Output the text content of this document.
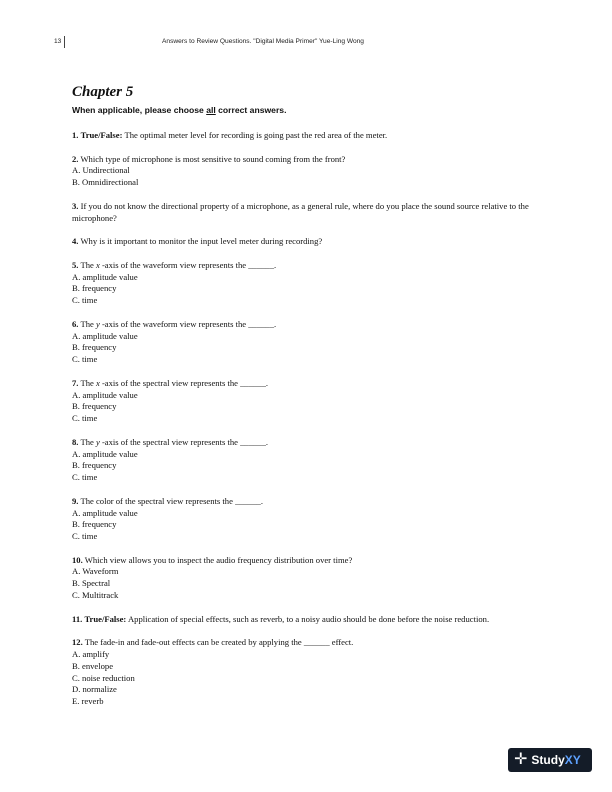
13	Answers to Review Questions. "Digital Media Primer" Yue-Ling Wong
Chapter 5
When applicable, please choose all correct answers.
1. True/False: The optimal meter level for recording is going past the red area of the meter.
2. Which type of microphone is most sensitive to sound coming from the front?
A. Undirectional
B. Omnidirectional
3. If you do not know the directional property of a microphone, as a general rule, where do you place the sound source relative to the microphone?
4. Why is it important to monitor the input level meter during recording?
5. The x -axis of the waveform view represents the ______.
A. amplitude value
B. frequency
C. time
6. The y -axis of the waveform view represents the ______.
A. amplitude value
B. frequency
C. time
7. The x -axis of the spectral view represents the ______.
A. amplitude value
B. frequency
C. time
8. The y -axis of the spectral view represents the ______.
A. amplitude value
B. frequency
C. time
9. The color of the spectral view represents the ______.
A. amplitude value
B. frequency
C. time
10. Which view allows you to inspect the audio frequency distribution over time?
A. Waveform
B. Spectral
C. Multitrack
11. True/False: Application of special effects, such as reverb, to a noisy audio should be done before the noise reduction.
12. The fade-in and fade-out effects can be created by applying the ______ effect.
A. amplify
B. envelope
C. noise reduction
D. normalize
E. reverb
✛ StudyXY
